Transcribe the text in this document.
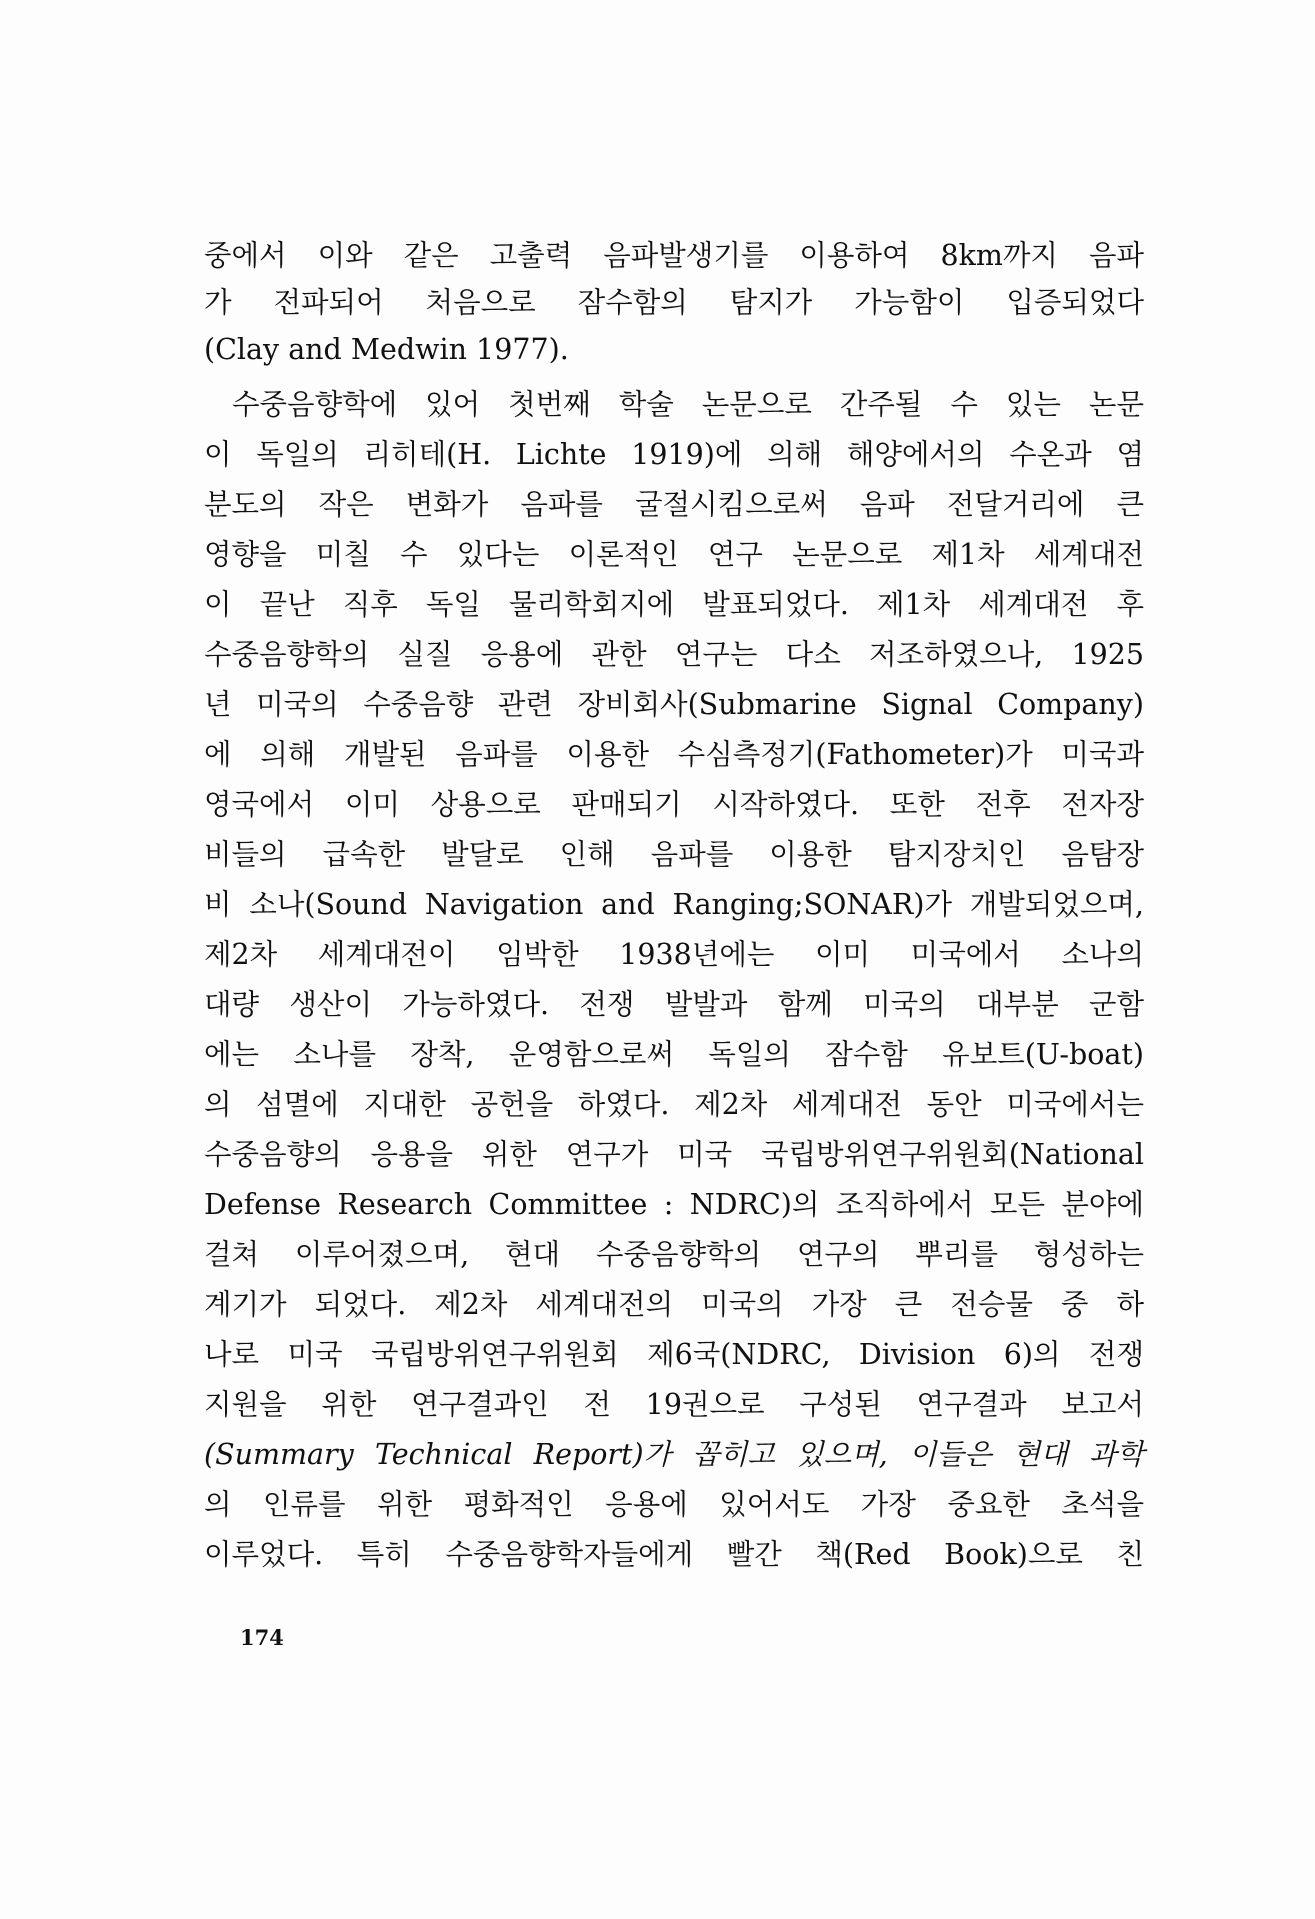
중에서 이와 같은 고출력 음파발생기를 이용하여 8km까지 음파
가 전파되어 처음으로 잠수함의 탐지가 가능함이 입증되었다
(Clay and Medwin 1977).
수중음향학에 있어 첫번째 학술 논문으로 간주될 수 있는 논문
이 독일의 리히테(H. Lichte 1919)에 의해 해양에서의 수온과 염
분도의 작은 변화가 음파를 굴절시킴으로써 음파 전달거리에 큰
영향을 미칠 수 있다는 이론적인 연구 논문으로 제1차 세계대전
이 끝난 직후 독일 물리학회지에 발표되었다. 제1차 세계대전 후
수중음향학의 실질 응용에 관한 연구는 다소 저조하였으나, 1925
년 미국의 수중음향 관련 장비회사(Submarine Signal Company)
에 의해 개발된 음파를 이용한 수심측정기(Fathometer)가 미국과
영국에서 이미 상용으로 판매되기 시작하였다. 또한 전후 전자장
비들의 급속한 발달로 인해 음파를 이용한 탐지장치인 음탐장
비 소나(Sound Navigation and Ranging;SONAR)가 개발되었으며,
제2차 세계대전이 임박한 1938년에는 이미 미국에서 소나의
대량 생산이 가능하였다. 전쟁 발발과 함께 미국의 대부분 군함
에는 소나를 장착, 운영함으로써 독일의 잠수함 유보트(U-boat)
의 섬멸에 지대한 공헌을 하였다. 제2차 세계대전 동안 미국에서는
수중음향의 응용을 위한 연구가 미국 국립방위연구위원회(National
Defense Research Committee : NDRC)의 조직하에서 모든 분야에
걸쳐 이루어졌으며, 현대 수중음향학의 연구의 뿌리를 형성하는
계기가 되었다. 제2차 세계대전의 미국의 가장 큰 전승물 중 하
나로 미국 국립방위연구위원회 제6국(NDRC, Division 6)의 전쟁
지원을 위한 연구결과인 전 19권으로 구성된 연구결과 보고서
(Summary Technical Report)가 꼽히고 있으며, 이들은 현대 과학
의 인류를 위한 평화적인 응용에 있어서도 가장 중요한 초석을
이루었다. 특히 수중음향학자들에게 빨간 책(Red Book)으로 친
174
